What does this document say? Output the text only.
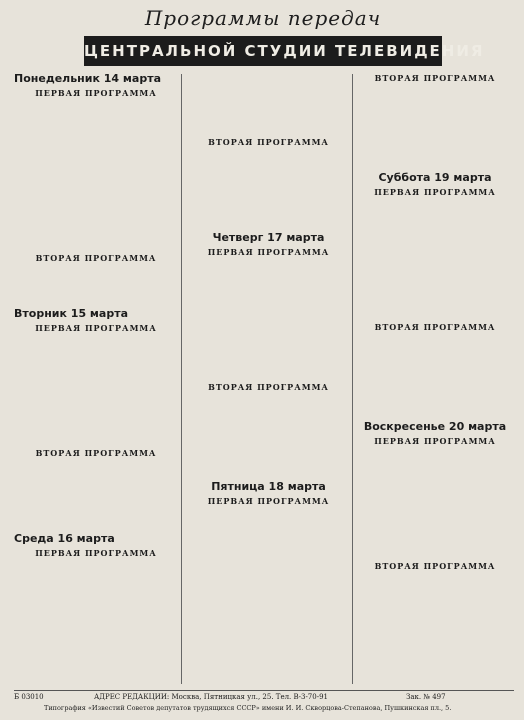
Программы передач
ЦЕНТРАЛЬНОЙ СТУДИИ ТЕЛЕВИДЕНИЯ
Понедельник 14 марта
ПЕРВАЯ ПРОГРАММА
ВТОРАЯ ПРОГРАММА
Вторник 15 марта
ПЕРВАЯ ПРОГРАММА
ВТОРАЯ ПРОГРАММА
Среда 16 марта
ПЕРВАЯ ПРОГРАММА
ВТОРАЯ ПРОГРАММА
Четверг 17 марта
ПЕРВАЯ ПРОГРАММА
ВТОРАЯ ПРОГРАММА
Пятница 18 марта
ПЕРВАЯ ПРОГРАММА
ВТОРАЯ ПРОГРАММА
Суббота 19 марта
ПЕРВАЯ ПРОГРАММА
ВТОРАЯ ПРОГРАММА
Воскресенье 20 марта
ПЕРВАЯ ПРОГРАММА
ВТОРАЯ ПРОГРАММА
Б 03010	АДРЕС РЕДАКЦИИ: Москва, Пятницкая ул., 25. Тел. В-3-70-91	Зак. № 497
Типография «Известий Советов депутатов трудящихся СССР» имени И. И. Скворцова-Степанова, Пушкинская пл., 5.
